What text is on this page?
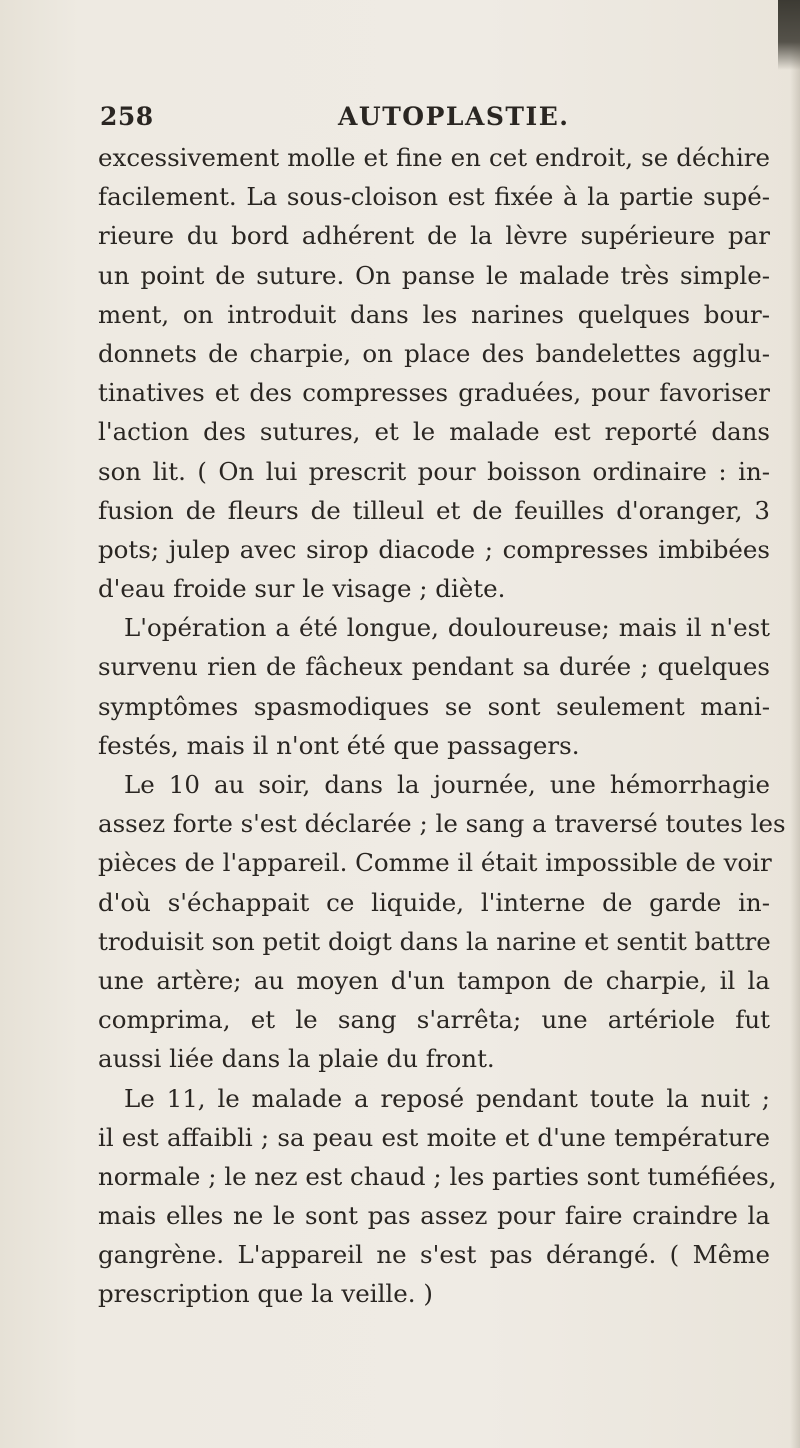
258	AUTOPLASTIE.
excessivement molle et fine en cet endroit, se déchire
facilement. La sous-cloison est fixée à la partie supé-
rieure du bord adhérent de la lèvre supérieure par
un point de suture. On panse le malade très simple-
ment, on introduit dans les narines quelques bour-
donnets de charpie, on place des bandelettes agglu-
tinatives et des compresses graduées, pour favoriser
l'action des sutures, et le malade est reporté dans
son lit. ( On lui prescrit pour boisson ordinaire : in-
fusion de fleurs de tilleul et de feuilles d'oranger, 3
pots; julep avec sirop diacode ; compresses imbibées
d'eau froide sur le visage ; diète.
L'opération a été longue, douloureuse; mais il n'est
survenu rien de fâcheux pendant sa durée ; quelques
symptômes spasmodiques se sont seulement mani-
festés, mais il n'ont été que passagers.
Le 10 au soir, dans la journée, une hémorrhagie
assez forte s'est déclarée ; le sang a traversé toutes les
pièces de l'appareil. Comme il était impossible de voir
d'où s'échappait ce liquide, l'interne de garde in-
troduisit son petit doigt dans la narine et sentit battre
une artère; au moyen d'un tampon de charpie, il la
comprima, et le sang s'arrêta; une artériole fut
aussi liée dans la plaie du front.
Le 11, le malade a reposé pendant toute la nuit ;
il est affaibli ; sa peau est moite et d'une température
normale ; le nez est chaud ; les parties sont tuméfiées,
mais elles ne le sont pas assez pour faire craindre la
gangrène. L'appareil ne s'est pas dérangé. ( Même
prescription que la veille. )
